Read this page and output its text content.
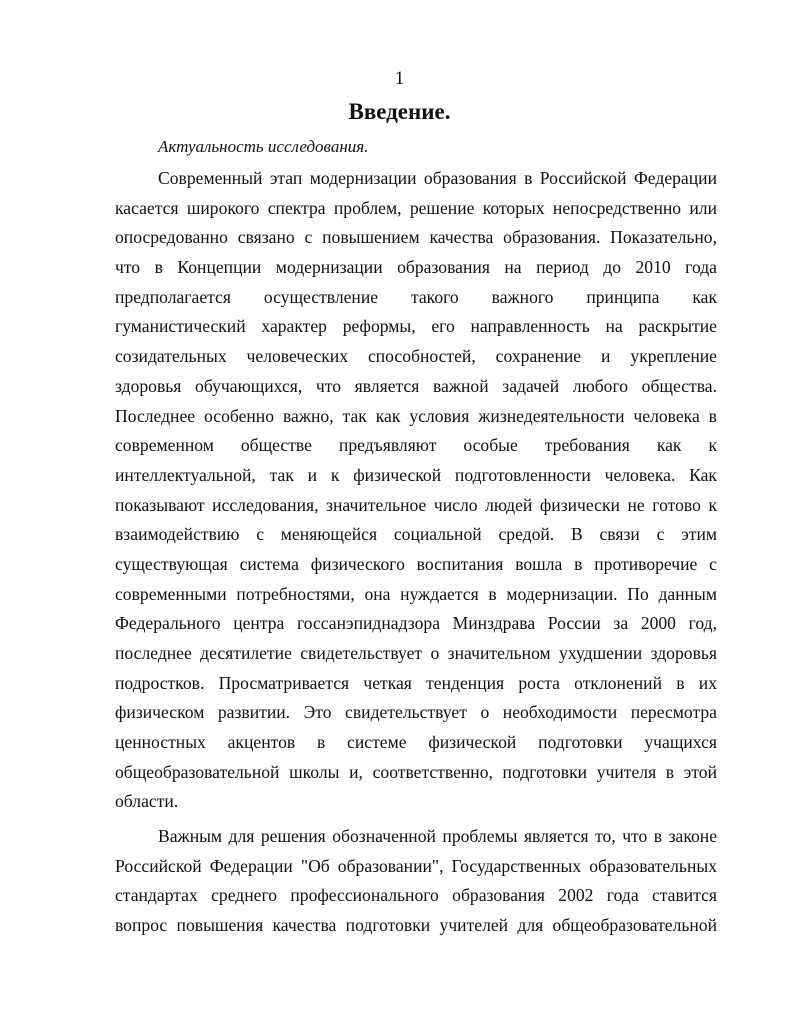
1
Введение.
Актуальность исследования.
Современный этап модернизации образования в Российской Федерации
касается широкого спектра проблем, решение которых непосредственно или
опосредованно связано с повышением качества образования. Показательно,
что в Концепции модернизации образования на период до 2010 года
предполагается осуществление такого важного принципа как
гуманистический характер реформы, его направленность на раскрытие
созидательных человеческих способностей, сохранение и укрепление
здоровья обучающихся, что является важной задачей любого общества.
Последнее особенно важно, так как условия жизнедеятельности человека в
современном обществе предъявляют особые требования как к
интеллектуальной, так и к физической подготовленности человека. Как
показывают исследования, значительное число людей физически не готово к
взаимодействию с меняющейся социальной средой. В связи с этим
существующая система физического воспитания вошла в противоречие с
современными потребностями, она нуждается в модернизации. По данным
Федерального центра госсанэпиднадзора Минздрава России за 2000 год,
последнее десятилетие свидетельствует о значительном ухудшении здоровья
подростков. Просматривается четкая тенденция роста отклонений в их
физическом развитии. Это свидетельствует о необходимости пересмотра
ценностных акцентов в системе физической подготовки учащихся
общеобразовательной школы и, соответственно, подготовки учителя в этой
области.
Важным для решения обозначенной проблемы является то, что в законе
Российской Федерации "Об образовании", Государственных образовательных
стандартах среднего профессионального образования 2002 года ставится
вопрос повышения качества подготовки учителей для общеобразовательной
